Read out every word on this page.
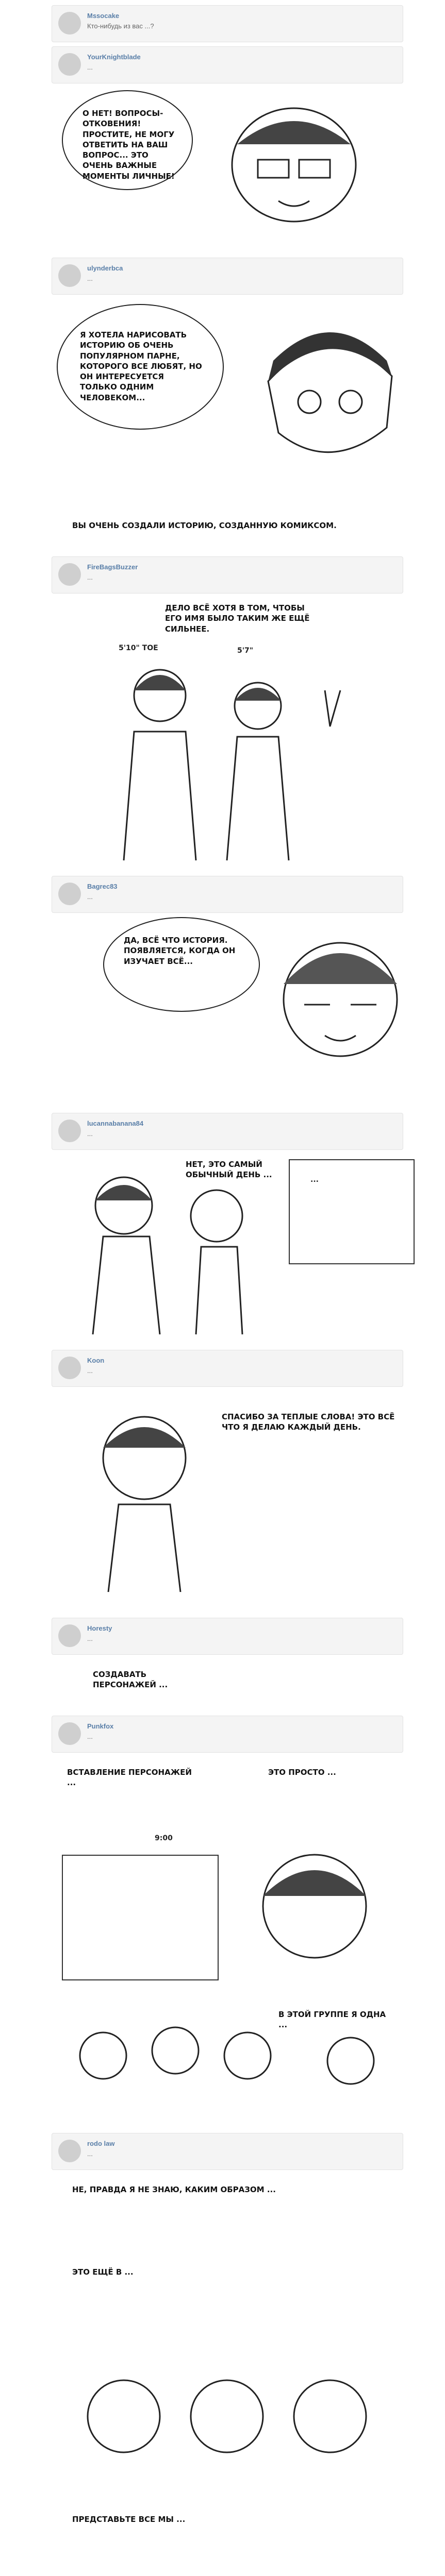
Mssocake
Кто-нибудь из вас ...?
YourKnightblade
...
О НЕТ! ВОПРОСЫ-ОТКОВЕНИЯ! ПРОСТИТЕ, НЕ МОГУ ОТВЕТИТЬ НА ВАШ ВОПРОС... ЭТО ОЧЕНЬ ВАЖНЫЕ МОМЕНТЫ ЛИЧНЫЕ!
ulynderbca
...
Я ХОТЕЛА НАРИСОВАТЬ ИСТОРИЮ ОБ ОЧЕНЬ ПОПУЛЯРНОМ ПАРНЕ, КОТОРОГО ВСЕ ЛЮБЯТ, НО ОН ИНТЕРЕСУЕТСЯ ТОЛЬКО ОДНИМ ЧЕЛОВЕКОМ...
ВЫ ОЧЕНЬ СОЗДАЛИ ИСТОРИЮ, СОЗДАННУЮ КОМИКСОМ.
FireBagsBuzzer
...
ДЕЛО ВСЁ ХОТЯ В ТОМ, ЧТОБЫ ЕГО ИМЯ БЫЛО ТАКИМ ЖЕ ЕЩЁ СИЛЬНЕЕ.
5'10" ТОЕ	5'7"
Bagrec83
...
ДА, ВСЁ ЧТО ИСТОРИЯ. ПОЯВЛЯЕТСЯ, КОГДА ОН ИЗУЧАЕТ ВСЁ...
lucannabanana84
...
НЕТ, ЭТО САМЫЙ ОБЫЧНЫЙ ДЕНЬ ...
...
Koon
...
СПАСИБО ЗА ТЕПЛЫЕ СЛОВА! ЭТО ВСЁ ЧТО Я ДЕЛАЮ КАЖДЫЙ ДЕНЬ.
Horesty
...
СОЗДАВАТЬ ПЕРСОНАЖЕЙ ...
Punkfox
...
ВСТАВЛЕНИЕ ПЕРСОНАЖЕЙ ...
ЭТО ПРОСТО ...
9:00
В ЭТОЙ ГРУППЕ Я ОДНА ...
rodo law
...
НЕ, ПРАВДА Я НЕ ЗНАЮ, КАКИМ ОБРАЗОМ ...
ЭТО ЕЩЁ В ...
ПРЕДСТАВЬТЕ ВСЕ МЫ ...
